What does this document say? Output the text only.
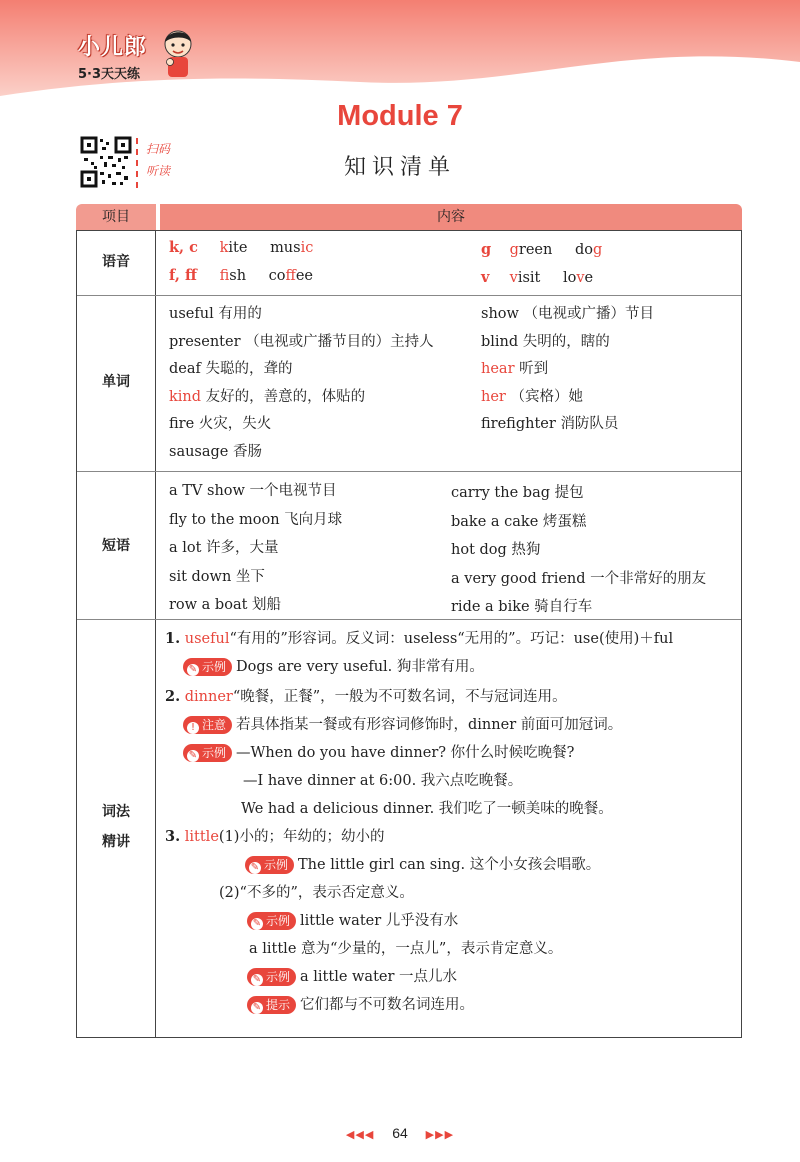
小儿郎
5·3天天练
Module 7
知识清单
扫码
听读
项目	内容
语音
k, c kite music
f, ff fish coffee
g green dog
v visit love
单词
useful 有用的
presenter （电视或广播节目的）主持人
deaf 失聪的，聋的
kind 友好的，善意的，体贴的
fire 火灾，失火
sausage 香肠
show （电视或广播）节目
blind 失明的，瞎的
hear 听到
her （宾格）她
firefighter 消防队员
短语
a TV show 一个电视节目
fly to the moon 飞向月球
a lot 许多，大量
sit down 坐下
row a boat 划船
carry the bag 提包
bake a cake 烤蛋糕
hot dog 热狗
a very good friend 一个非常好的朋友
ride a bike 骑自行车
词法
精讲
1. useful“有用的”形容词。反义词：useless“无用的”。巧记：use(使用)＋ful
✎ 示例 Dogs are very useful. 狗非常有用。
2. dinner“晚餐，正餐”，一般为不可数名词，不与冠词连用。
! 注意 若具体指某一餐或有形容词修饰时，dinner 前面可加冠词。
✎ 示例 —When do you have dinner? 你什么时候吃晚餐?
—I have dinner at 6:00. 我六点吃晚餐。
We had a delicious dinner. 我们吃了一顿美味的晚餐。
3. little(1)小的；年幼的；幼小的
✎ 示例 The little girl can sing. 这个小女孩会唱歌。
(2)“不多的”，表示否定意义。
✎ 示例 little water 儿乎没有水
a little 意为“少量的，一点儿”，表示肯定意义。
✎ 示例 a little water 一点儿水
✎ 提示 它们都与不可数名词连用。
◀◀◀ 64 ▶▶▶
